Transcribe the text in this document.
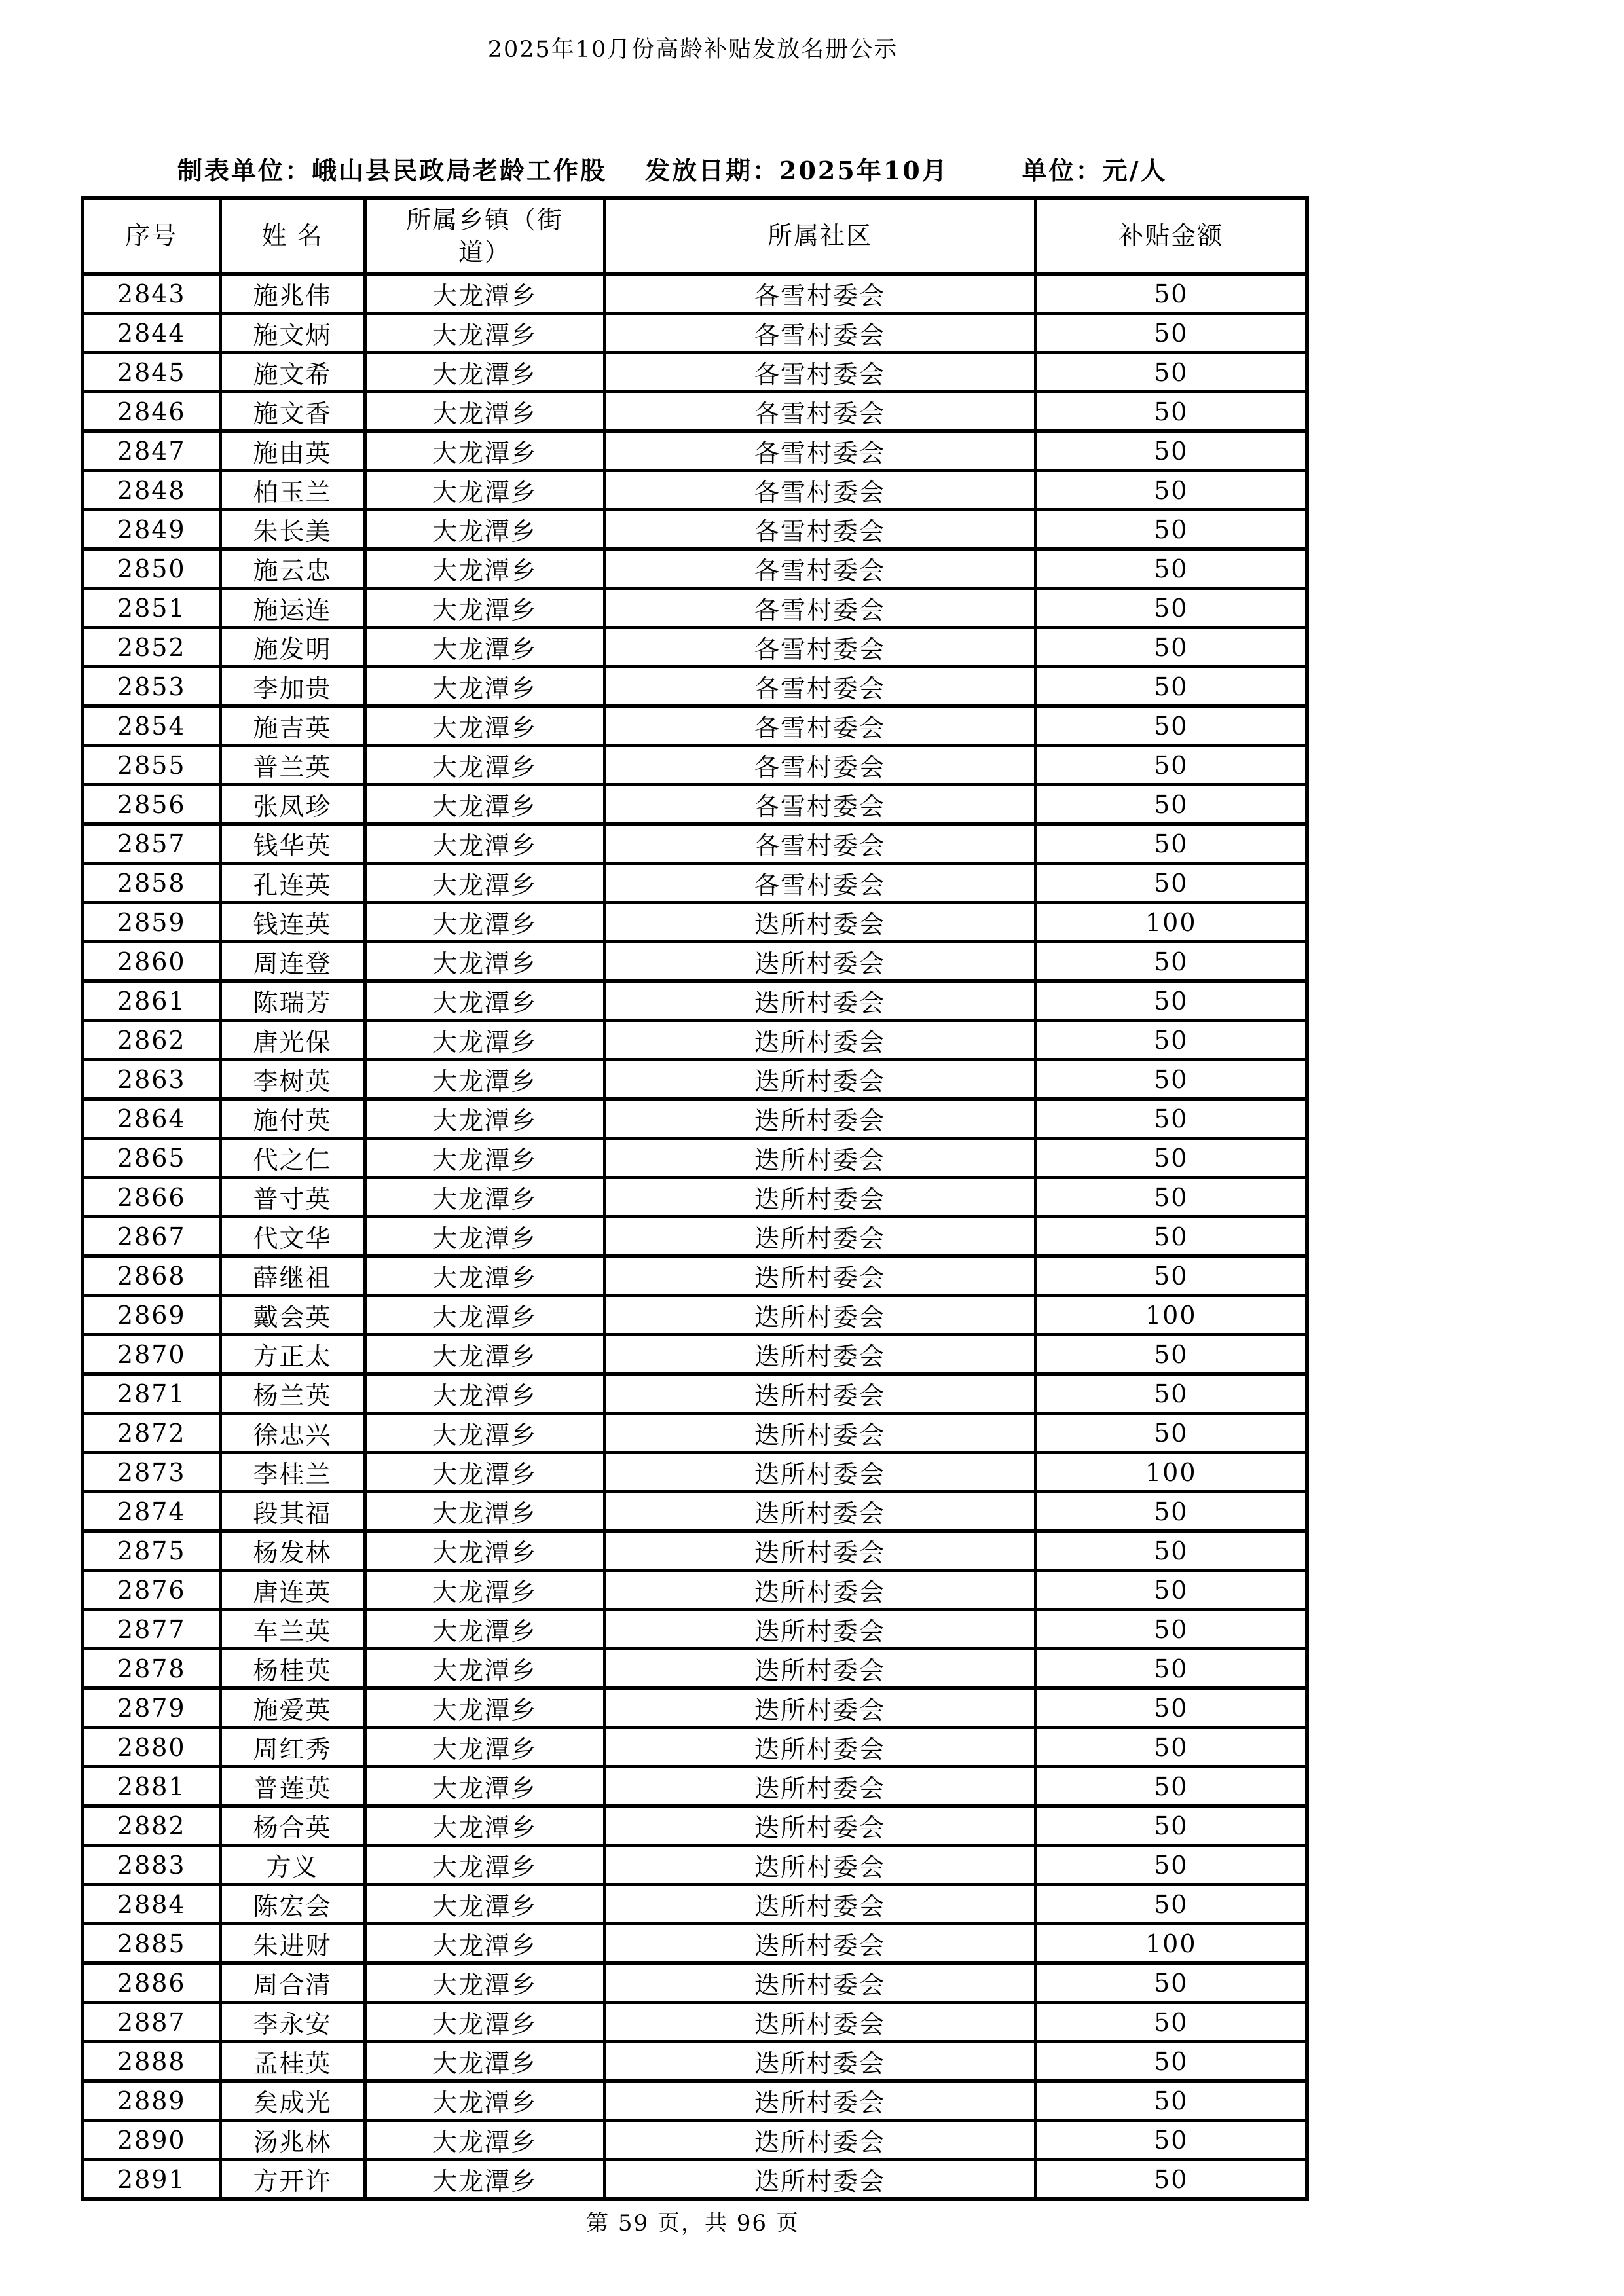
2025年10月份高龄补贴发放名册公示
制表单位：峨山县民政局老龄工作股 发放日期：2025年10月	单位：元/人
序号	姓 名	所属乡镇（街道）	所属社区	补贴金额
2843	施兆伟	大龙潭乡	各雪村委会	50
2844	施文炳	大龙潭乡	各雪村委会	50
2845	施文希	大龙潭乡	各雪村委会	50
2846	施文香	大龙潭乡	各雪村委会	50
2847	施由英	大龙潭乡	各雪村委会	50
2848	柏玉兰	大龙潭乡	各雪村委会	50
2849	朱长美	大龙潭乡	各雪村委会	50
2850	施云忠	大龙潭乡	各雪村委会	50
2851	施运连	大龙潭乡	各雪村委会	50
2852	施发明	大龙潭乡	各雪村委会	50
2853	李加贵	大龙潭乡	各雪村委会	50
2854	施吉英	大龙潭乡	各雪村委会	50
2855	普兰英	大龙潭乡	各雪村委会	50
2856	张凤珍	大龙潭乡	各雪村委会	50
2857	钱华英	大龙潭乡	各雪村委会	50
2858	孔连英	大龙潭乡	各雪村委会	50
2859	钱连英	大龙潭乡	迭所村委会	100
2860	周连登	大龙潭乡	迭所村委会	50
2861	陈瑞芳	大龙潭乡	迭所村委会	50
2862	唐光保	大龙潭乡	迭所村委会	50
2863	李树英	大龙潭乡	迭所村委会	50
2864	施付英	大龙潭乡	迭所村委会	50
2865	代之仁	大龙潭乡	迭所村委会	50
2866	普寸英	大龙潭乡	迭所村委会	50
2867	代文华	大龙潭乡	迭所村委会	50
2868	薛继祖	大龙潭乡	迭所村委会	50
2869	戴会英	大龙潭乡	迭所村委会	100
2870	方正太	大龙潭乡	迭所村委会	50
2871	杨兰英	大龙潭乡	迭所村委会	50
2872	徐忠兴	大龙潭乡	迭所村委会	50
2873	李桂兰	大龙潭乡	迭所村委会	100
2874	段其福	大龙潭乡	迭所村委会	50
2875	杨发林	大龙潭乡	迭所村委会	50
2876	唐连英	大龙潭乡	迭所村委会	50
2877	车兰英	大龙潭乡	迭所村委会	50
2878	杨桂英	大龙潭乡	迭所村委会	50
2879	施爱英	大龙潭乡	迭所村委会	50
2880	周红秀	大龙潭乡	迭所村委会	50
2881	普莲英	大龙潭乡	迭所村委会	50
2882	杨合英	大龙潭乡	迭所村委会	50
2883	方义	大龙潭乡	迭所村委会	50
2884	陈宏会	大龙潭乡	迭所村委会	50
2885	朱进财	大龙潭乡	迭所村委会	100
2886	周合清	大龙潭乡	迭所村委会	50
2887	李永安	大龙潭乡	迭所村委会	50
2888	孟桂英	大龙潭乡	迭所村委会	50
2889	矣成光	大龙潭乡	迭所村委会	50
2890	汤兆林	大龙潭乡	迭所村委会	50
2891	方开许	大龙潭乡	迭所村委会	50
第 59 页，共 96 页
